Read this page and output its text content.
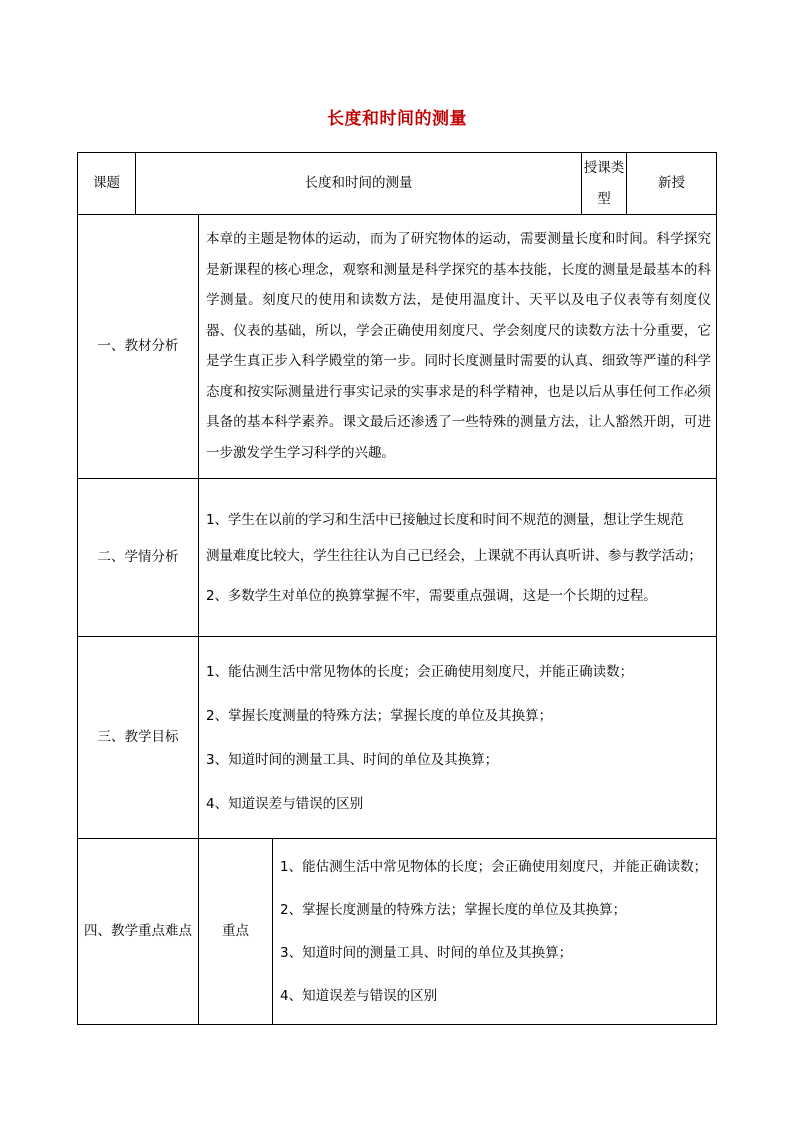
长度和时间的测量
课题	长度和时间的测量			授课类型	新授
一、教材分析		本章的主题是物体的运动，而为了研究物体的运动，需要测量长度和时间。科学探究是新课程的核心理念，观察和测量是科学探究的基本技能，长度的测量是最基本的科学测量。刻度尺的使用和读数方法，是使用温度计、天平以及电子仪表等有刻度仪器、仪表的基础，所以，学会正确使用刻度尺、学会刻度尺的读数方法十分重要，它是学生真正步入科学殿堂的第一步。同时长度测量时需要的认真、细致等严谨的科学态度和按实际测量进行事实记录的实事求是的科学精神，也是以后从事任何工作必须具备的基本科学素养。课文最后还渗透了一些特殊的测量方法，让人豁然开朗，可进一步激发学生学习科学的兴趣。			

二、学情分析		1、学生在以前的学习和生活中已接触过长度和时间不规范的测量，想让学生规范
测量难度比较大，学生往往认为自己已经会，上课就不再认真听讲、参与教学活动；
2、多数学生对单位的换算掌握不牢，需要重点强调，这是一个长期的过程。			

三、教学目标		1、能估测生活中常见物体的长度；会正确使用刻度尺，并能正确读数；
2、掌握长度测量的特殊方法；掌握长度的单位及其换算；
3、知道时间的测量工具、时间的单位及其换算；
4、知道误差与错误的区别			

四、教学重点难点		重点	1、能估测生活中常见物体的长度；会正确使用刻度尺，并能正确读数；
2、掌握长度测量的特殊方法；掌握长度的单位及其换算；
3、知道时间的测量工具、时间的单位及其换算；
4、知道误差与错误的区别		
